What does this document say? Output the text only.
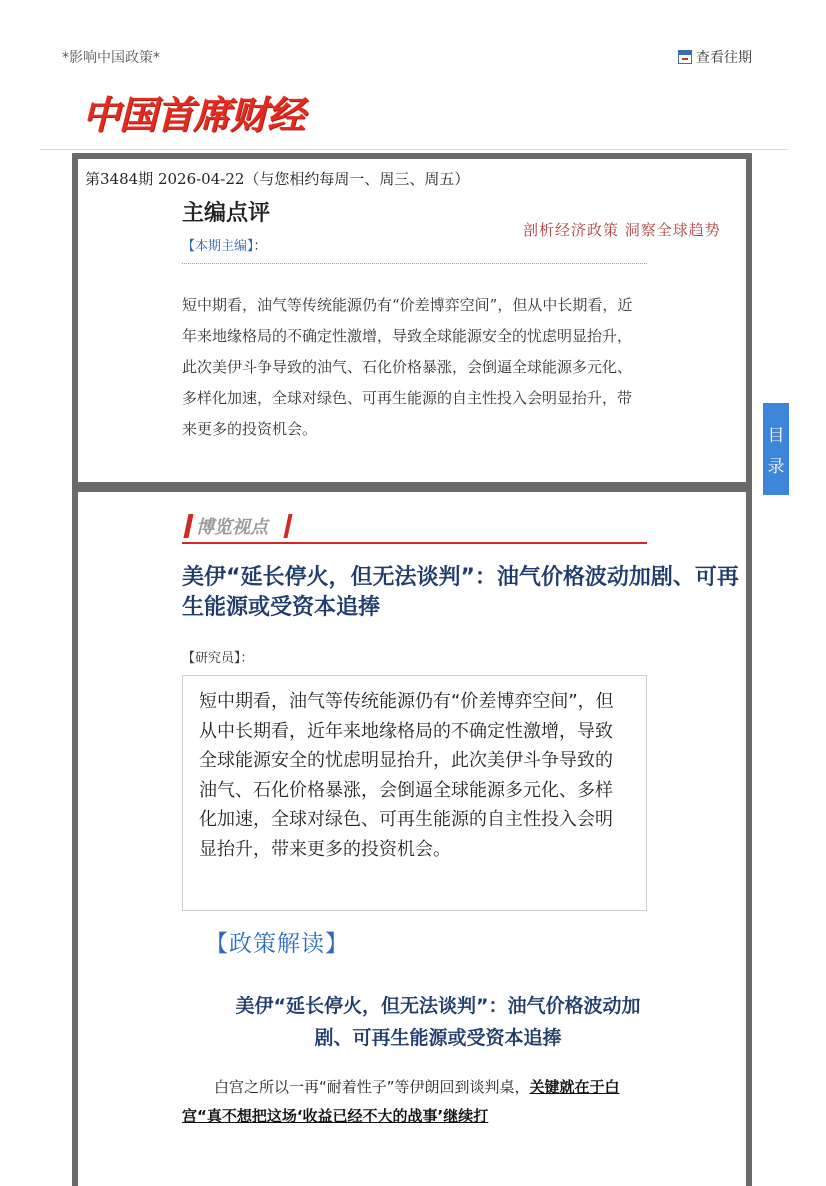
*影响中国政策*	查看往期
中国首席财经
第3484期 2026-04-22（与您相约每周一、周三、周五）
主编点评
剖析经济政策 洞察全球趋势
【本期主编】：
短中期看，油气等传统能源仍有“价差博弈空间”，但从中长期看，近年来地缘格局的不确定性激增，导致全球能源安全的忧虑明显抬升，此次美伊斗争导致的油气、石化价格暴涨，会倒逼全球能源多元化、多样化加速，全球对绿色、可再生能源的自主性投入会明显抬升，带来更多的投资机会。	目
录
博览视点
美伊“延长停火，但无法谈判”：油气价格波动加剧、可再生能源或受资本追捧
【研究员】：

短中期看，油气等传统能源仍有“价差博弈空间”，但从中长期看，近年来地缘格局的不确定性激增，导致全球能源安全的忧虑明显抬升，此次美伊斗争导致的油气、石化价格暴涨，会倒逼全球能源多元化、多样化加速，全球对绿色、可再生能源的自主性投入会明显抬升，带来更多的投资机会。

【政策解读】
美伊“延长停火，但无法谈判”：油气价格波动加剧、可再生能源或受资本追捧
白宫之所以一再“耐着性子”等伊朗回到谈判桌，关键就在于白宫“真不想把这场‘收益已经不大的战事’继续打
